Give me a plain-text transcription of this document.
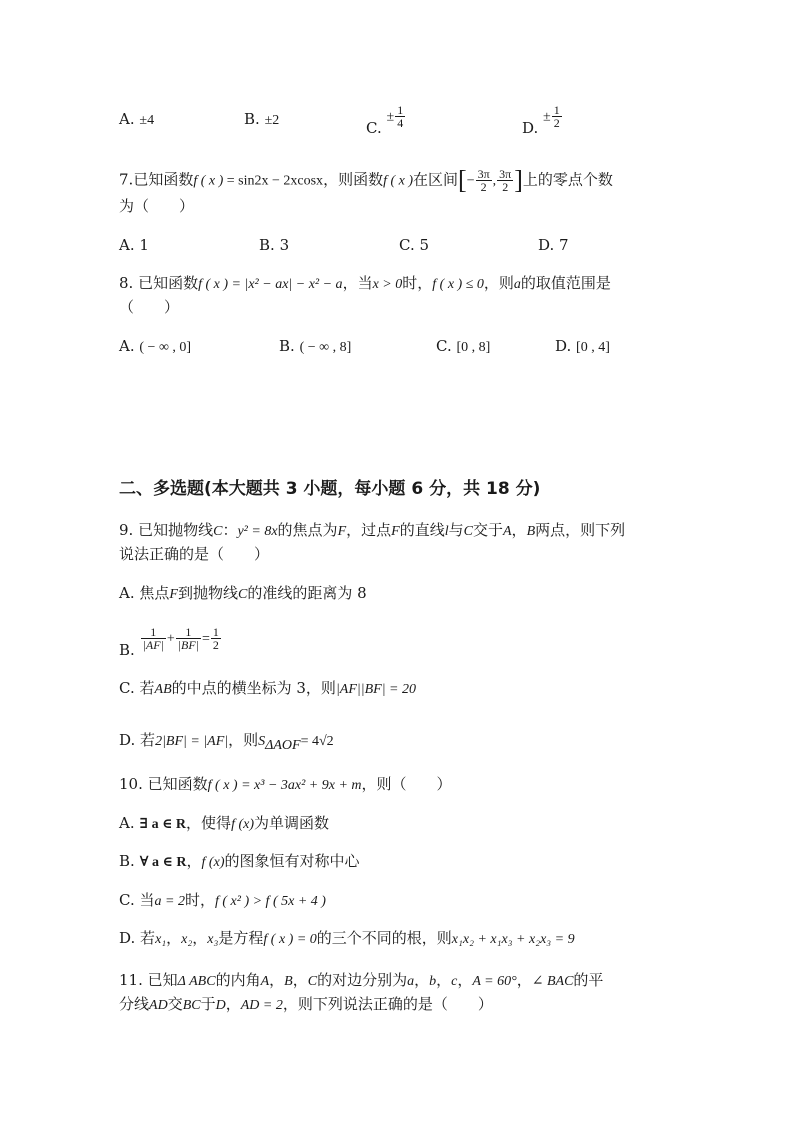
A. ±4	B. ±2	C. ± $\frac{1}{4}$	D. ± $\frac{1}{2}$
7.已知函数f ( x ) = sin2x − 2xcosx，则函数f ( x )在区间[− $\frac{3\pi}{2}$ , $\frac{3\pi}{2}$ ]上的零点个数
为（　　）
A. 1	B. 3	C. 5	D. 7
8. 已知函数f ( x ) = |x² − ax| − x² − a，当x > 0时，f ( x ) ≤ 0，则a的取值范围是
（　　）
A. ( − ∞ , 0]	B. ( − ∞ , 8]	C. [0 , 8]	D. [0 , 4]
二、多选题(本大题共 3 小题，每小题 6 分，共 18 分)
9. 已知抛物线C：y² = 8x的焦点为F，过点F的直线l与C交于A，B两点，则下列
说法正确的是（　　）
A. 焦点F到抛物线C的准线的距离为 8
B. $\frac{1}{|AF|} + \frac{1}{|BF|} = \frac{1}{2}$
C. 若AB的中点的横坐标为 3，则|AF||BF| = 20
D. 若2|BF| = |AF|，则$S_{\Delta AOF}= 4√2$
10. 已知函数f ( x ) = x³ − 3ax² + 9x + m，则（　　）
A. ∃ a ∈ R，使得f (x)为单调函数
B. ∀ a ∈ R，f (x)的图象恒有对称中心
C. 当a = 2时，f ( x² ) > f ( 5x + 4 )
D. 若x₁，x₂，x₃是方程f ( x ) = 0的三个不同的根，则x₁x₂ + x₁x₃ + x₂x₃ = 9
11. 已知Δ ABC的内角A，B，C的对边分别为a，b，c，A = 60°，∠ BAC的平
分线AD交BC于D，AD = 2，则下列说法正确的是（　　）
